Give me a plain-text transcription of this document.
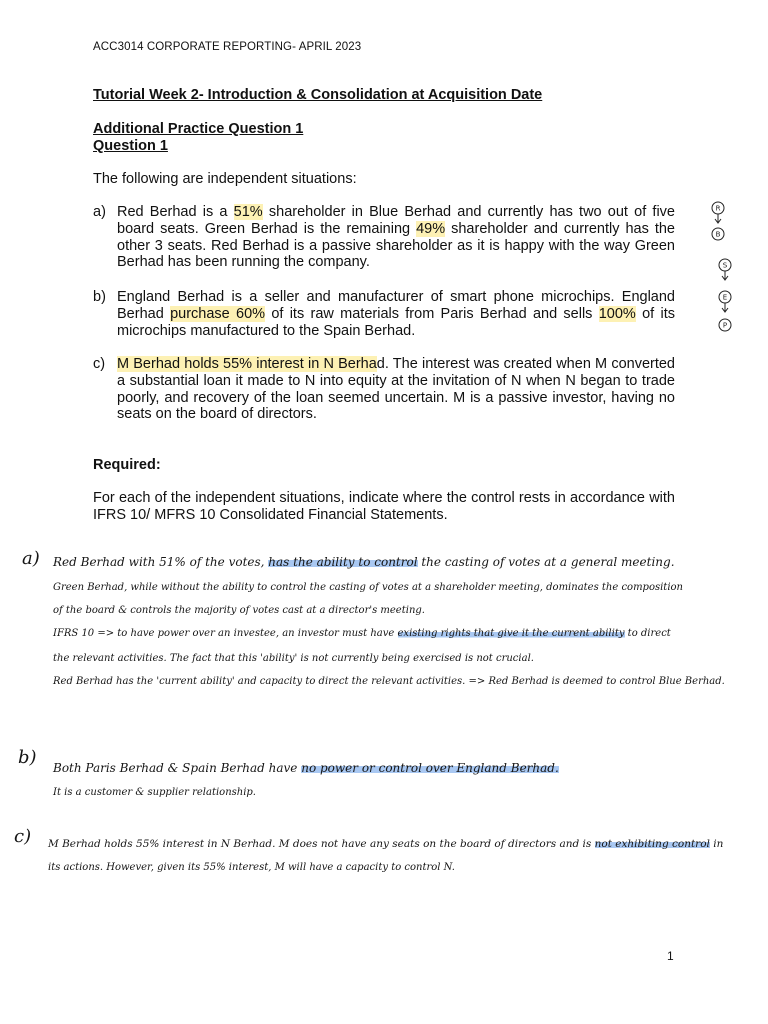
ACC3014 CORPORATE REPORTING- APRIL 2023
Tutorial Week 2- Introduction & Consolidation at Acquisition Date
Additional Practice Question 1
Question 1
The following are independent situations:
a) Red Berhad is a 51% shareholder in Blue Berhad and currently has two out of five board seats. Green Berhad is the remaining 49% shareholder and currently has the other 3 seats. Red Berhad is a passive shareholder as it is happy with the way Green Berhad has been running the company.
b) England Berhad is a seller and manufacturer of smart phone microchips. England Berhad purchase 60% of its raw materials from Paris Berhad and sells 100% of its microchips manufactured to the Spain Berhad.
c) M Berhad holds 55% interest in N Berhad. The interest was created when M converted a substantial loan it made to N into equity at the invitation of N when N began to trade poorly, and recovery of the loan seemed uncertain. M is a passive investor, having no seats on the board of directors.
Required:
For each of the independent situations, indicate where the control rests in accordance with IFRS 10/ MFRS 10 Consolidated Financial Statements.
a) Red Berhad with 51% of the votes, has the ability to control the casting of votes at a general meeting.
Green Berhad, while without the ability to control the casting of votes at a shareholder meeting, dominates the composition
of the board & controls the majority of votes cast at a director's meeting.
IFRS 10 => to have power over an investee, an investor must have existing rights that give it the current ability to direct
the relevant activities. The fact that this 'ability' is not currently being exercised is not crucial.
Red Berhad has the 'current ability' and capacity to direct the relevant activities. => Red Berhad is deemed to control Blue Berhad.
b) Both Paris Berhad & Spain Berhad have no power or control over England Berhad.
It is a customer & supplier relationship.
c) M Berhad holds 55% interest in N Berhad. M does not have any seats on the board of directors and is not exhibiting control in
its actions. However, given its 55% interest, M will have a capacity to control N.
R
B
S
E
P
1
